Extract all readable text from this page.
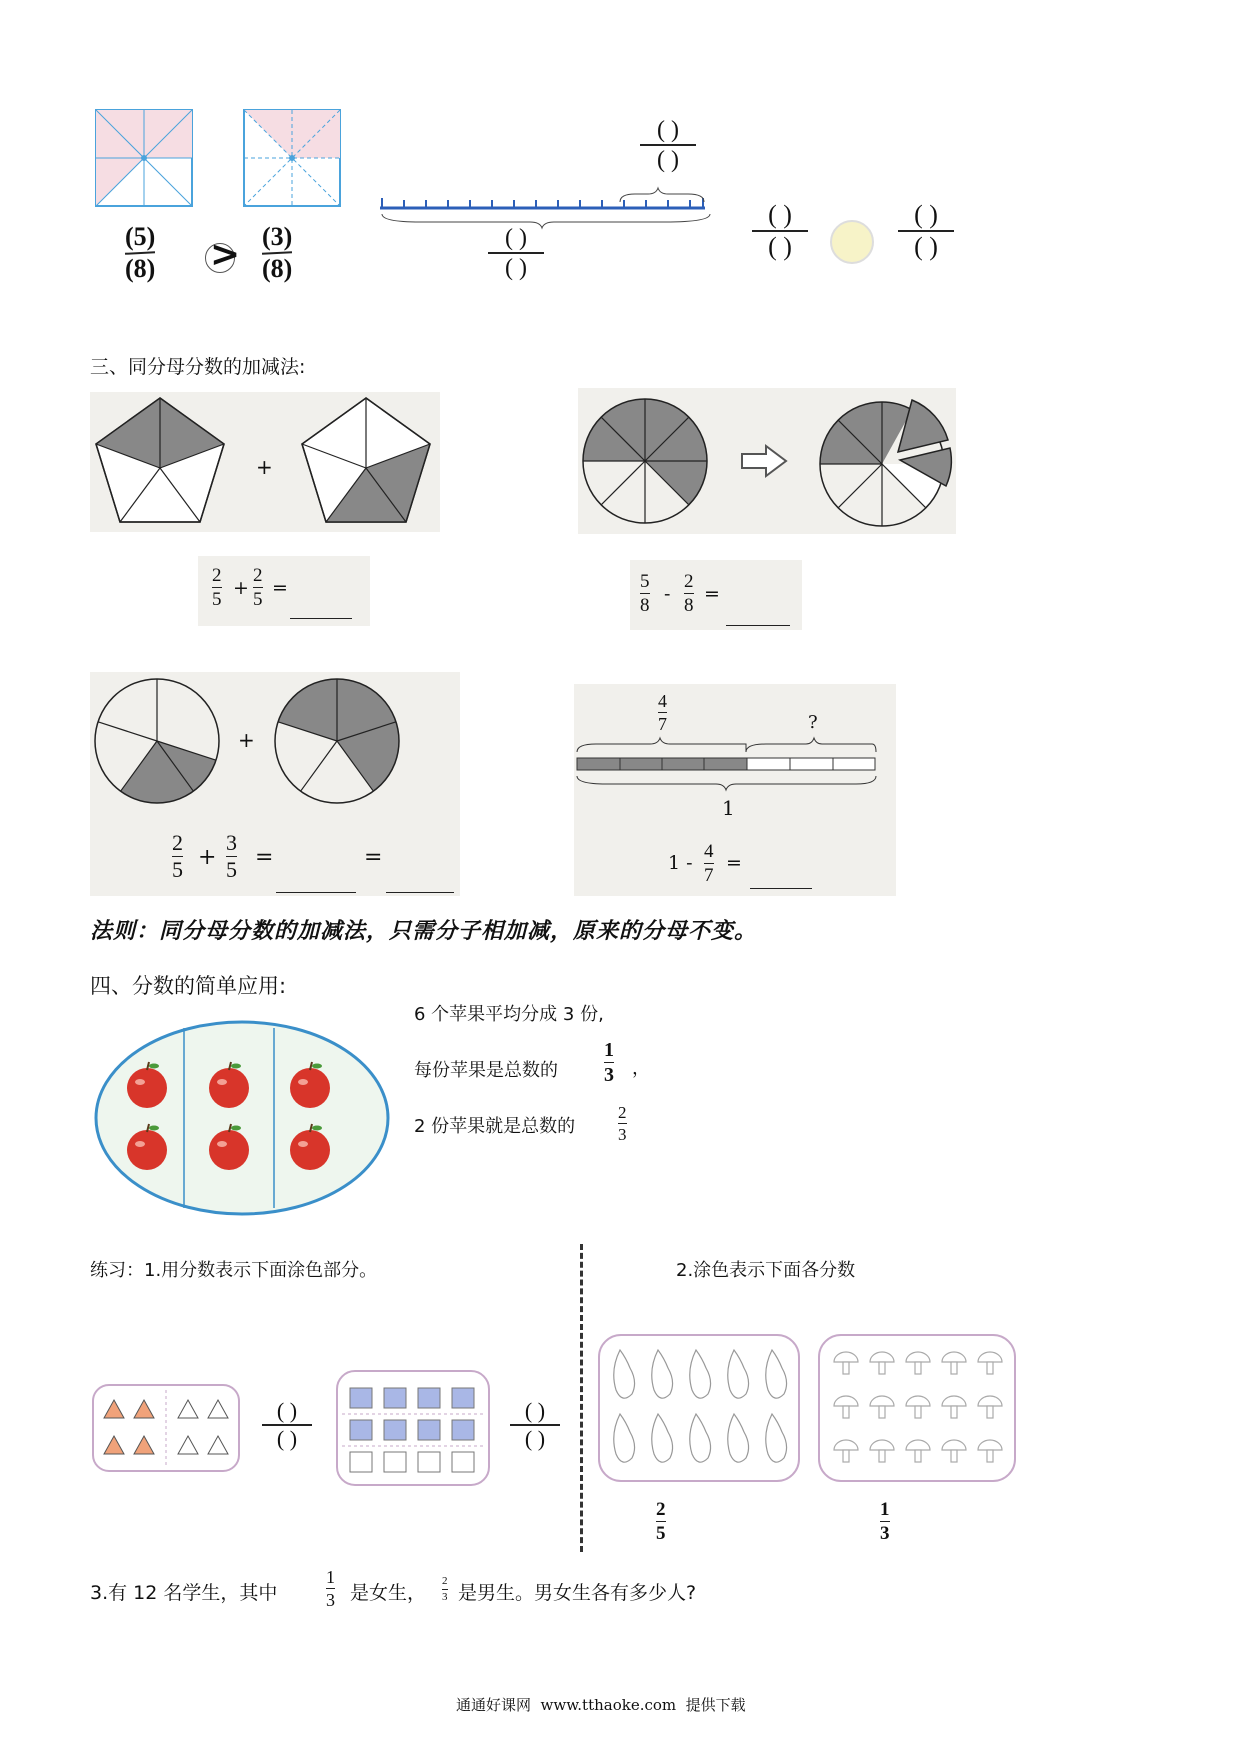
(5)
(8) > (3)
(8)
( )
( )
( )
( )
( )
( )
( )
( )
三、同分母分数的加减法:
+
2
5
+
2
5
=	5
8
-
2
8
=
+
2
5 +
3
5 =	=
4
7	?
1
1 -
4
7
=
法则：同分母分数的加减法，只需分子相加减，原来的分母不变。
四、分数的简单应用:
6 个苹果平均分成 3 份,
每份苹果是总数的
1
3 ，
2 份苹果就是总数的
2
3
练习：1.用分数表示下面涂色部分。	2.涂色表示下面各分数
( )
( )
( )
( )
2
5
1
3
3.有 12 名学生，其中
1
3 是女生，
2
3 是男生。男女生各有多少人?
通通好课网  www.tthaoke.com  提供下载
